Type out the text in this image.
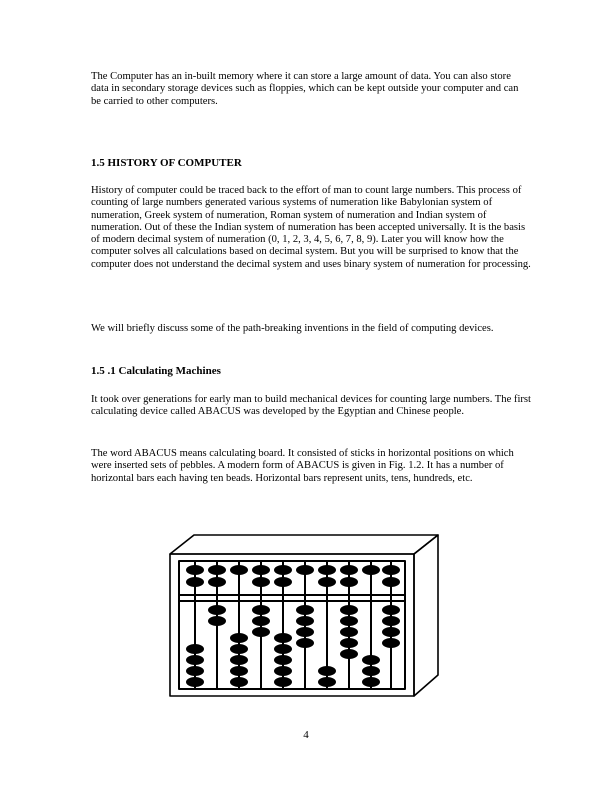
The Computer has an in-built memory where it can store a large amount of data. You can also store data in secondary storage devices such as floppies, which can be kept outside your computer and can be carried to other computers.

1.5 HISTORY OF COMPUTER

History of computer could be traced back to the effort of man to count large numbers. This process of counting of large numbers generated various systems of numeration like Babylonian system of numeration, Greek system of numeration, Roman system of numeration and Indian system of numeration. Out of these the Indian system of numeration has been accepted universally. It is the basis of modern decimal system of numeration (0, 1, 2, 3, 4, 5, 6, 7, 8, 9). Later you will know how the computer solves all calculations based on decimal system. But you will be surprised to know that the computer does not understand the decimal system and uses binary system of numeration for processing.

We will briefly discuss some of the path-breaking inventions in the field of computing devices.

1.5 .1 Calculating Machines

It took over generations for early man to build mechanical devices for counting large numbers. The first calculating device called ABACUS was developed by the Egyptian and Chinese people.

The word ABACUS means calculating board. It consisted of sticks in horizontal positions on which were inserted sets of pebbles. A modern form of ABACUS is given in Fig. 1.2. It has a number of horizontal bars each having ten beads. Horizontal bars represent units, tens, hundreds, etc.

4
